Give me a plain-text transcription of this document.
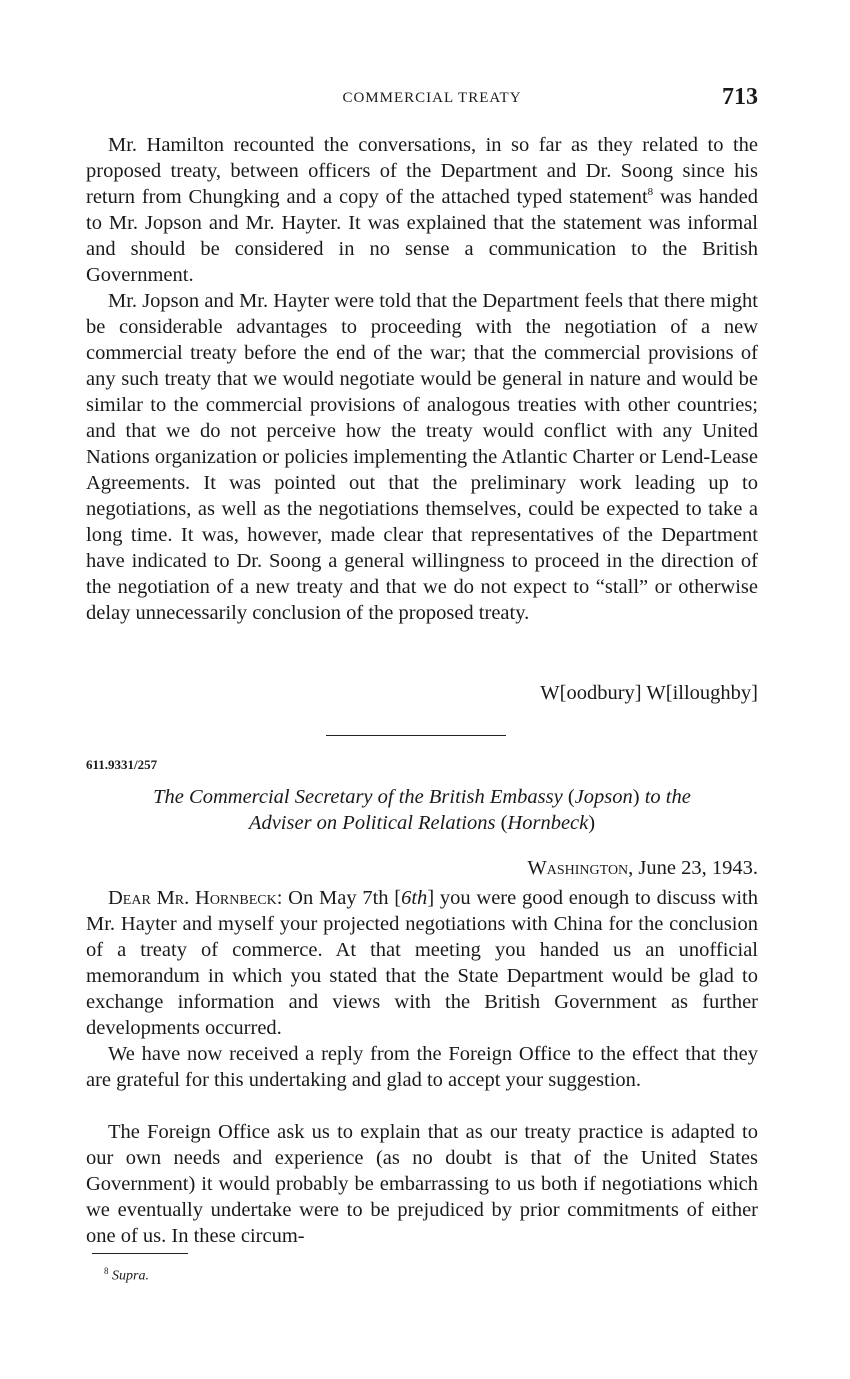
COMMERCIAL TREATY	713

Mr. Hamilton recounted the conversations, in so far as they related to the proposed treaty, between officers of the Department and Dr. Soong since his return from Chungking and a copy of the attached typed statement$^8$ was handed to Mr. Jopson and Mr. Hayter. It was explained that the statement was informal and should be considered in no sense a communication to the British Government.

Mr. Jopson and Mr. Hayter were told that the Department feels that there might be considerable advantages to proceeding with the negotiation of a new commercial treaty before the end of the war; that the commercial provisions of any such treaty that we would negotiate would be general in nature and would be similar to the commercial provisions of analogous treaties with other countries; and that we do not perceive how the treaty would conflict with any United Nations organization or policies implementing the Atlantic Charter or Lend-Lease Agreements. It was pointed out that the preliminary work leading up to negotiations, as well as the negotiations themselves, could be expected to take a long time. It was, however, made clear that representatives of the Department have indicated to Dr. Soong a general willingness to proceed in the direction of the negotiation of a new treaty and that we do not expect to “stall” or otherwise delay unnecessarily conclusion of the proposed treaty.

W[oodbury] W[illoughby]
611.9331/257
The Commercial Secretary of the British Embassy (Jopson) to the
Adviser on Political Relations (Hornbeck)
Washington, June 23, 1943.

Dear Mr. Hornbeck: On May 7th [6th] you were good enough to discuss with Mr. Hayter and myself your projected negotiations with China for the conclusion of a treaty of commerce. At that meeting you handed us an unofficial memorandum in which you stated that the State Department would be glad to exchange information and views with the British Government as further developments occurred.

We have now received a reply from the Foreign Office to the effect that they are grateful for this undertaking and glad to accept your suggestion.

The Foreign Office ask us to explain that as our treaty practice is adapted to our own needs and experience (as no doubt is that of the United States Government) it would probably be embarrassing to us both if negotiations which we eventually undertake were to be prejudiced by prior commitments of either one of us. In these circum-

$^8$ Supra.
